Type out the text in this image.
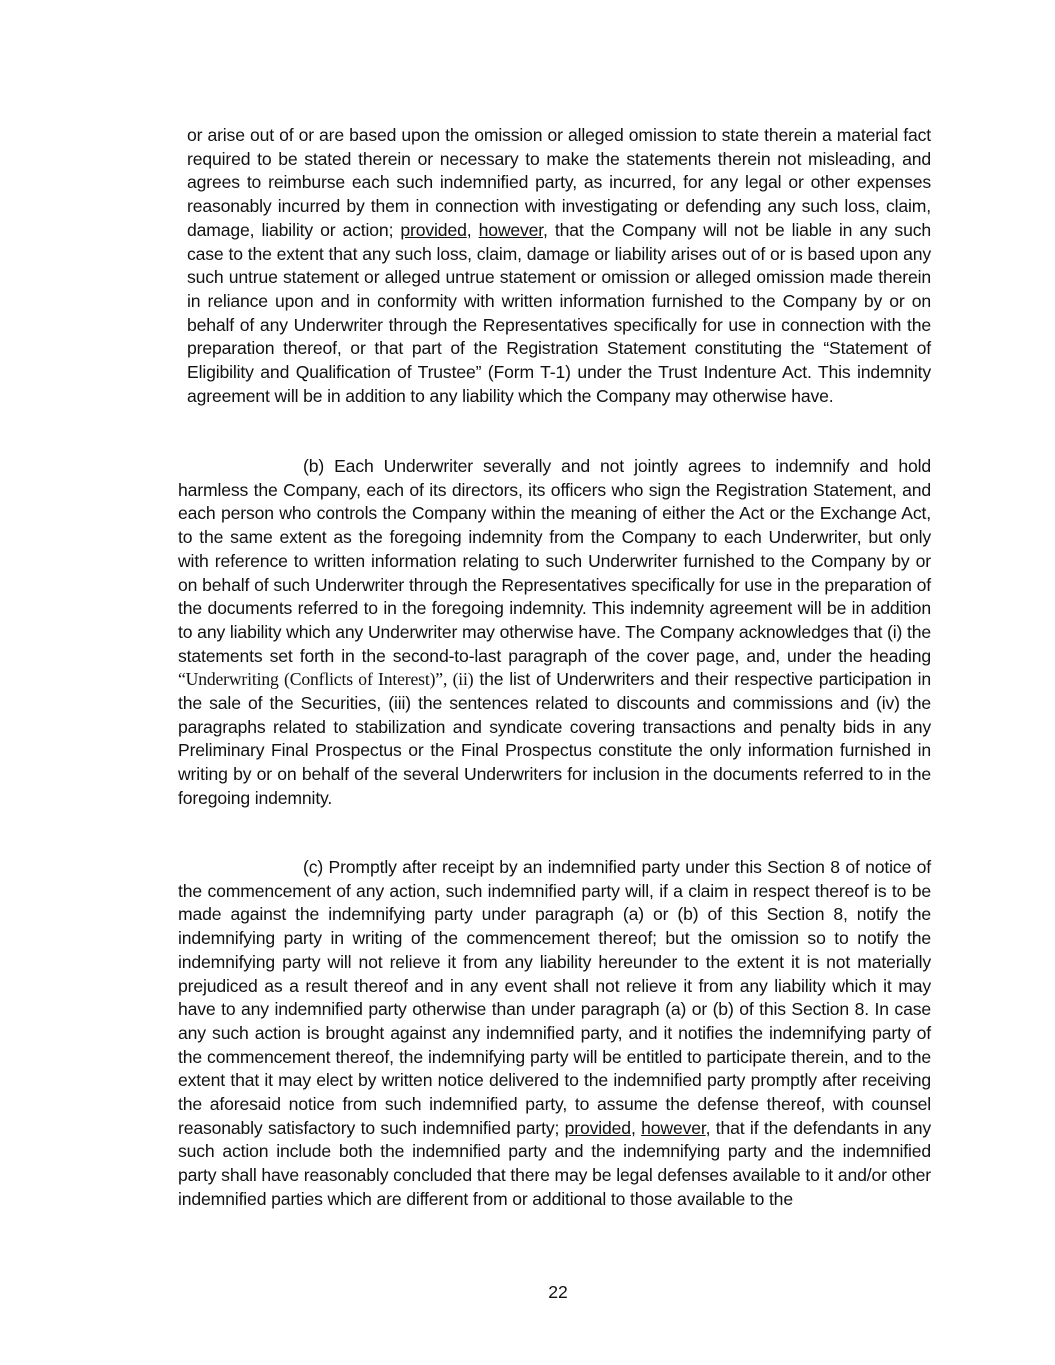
or arise out of or are based upon the omission or alleged omission to state therein a material fact required to be stated therein or necessary to make the statements therein not misleading, and agrees to reimburse each such indemnified party, as incurred, for any legal or other expenses reasonably incurred by them in connection with investigating or defending any such loss, claim, damage, liability or action; provided, however, that the Company will not be liable in any such case to the extent that any such loss, claim, damage or liability arises out of or is based upon any such untrue statement or alleged untrue statement or omission or alleged omission made therein in reliance upon and in conformity with written information furnished to the Company by or on behalf of any Underwriter through the Representatives specifically for use in connection with the preparation thereof, or that part of the Registration Statement constituting the “Statement of Eligibility and Qualification of Trustee” (Form T-1) under the Trust Indenture Act. This indemnity agreement will be in addition to any liability which the Company may otherwise have.

(b) Each Underwriter severally and not jointly agrees to indemnify and hold harmless the Company, each of its directors, its officers who sign the Registration Statement, and each person who controls the Company within the meaning of either the Act or the Exchange Act, to the same extent as the foregoing indemnity from the Company to each Underwriter, but only with reference to written information relating to such Underwriter furnished to the Company by or on behalf of such Underwriter through the Representatives specifically for use in the preparation of the documents referred to in the foregoing indemnity. This indemnity agreement will be in addition to any liability which any Underwriter may otherwise have. The Company acknowledges that (i) the statements set forth in the second-to-last paragraph of the cover page, and, under the heading “Underwriting (Conflicts of Interest)”, (ii) the list of Underwriters and their respective participation in the sale of the Securities, (iii) the sentences related to discounts and commissions and (iv) the paragraphs related to stabilization and syndicate covering transactions and penalty bids in any Preliminary Final Prospectus or the Final Prospectus constitute the only information furnished in writing by or on behalf of the several Underwriters for inclusion in the documents referred to in the foregoing indemnity.

(c) Promptly after receipt by an indemnified party under this Section 8 of notice of the commencement of any action, such indemnified party will, if a claim in respect thereof is to be made against the indemnifying party under paragraph (a) or (b) of this Section 8, notify the indemnifying party in writing of the commencement thereof; but the omission so to notify the indemnifying party will not relieve it from any liability hereunder to the extent it is not materially prejudiced as a result thereof and in any event shall not relieve it from any liability which it may have to any indemnified party otherwise than under paragraph (a) or (b) of this Section 8. In case any such action is brought against any indemnified party, and it notifies the indemnifying party of the commencement thereof, the indemnifying party will be entitled to participate therein, and to the extent that it may elect by written notice delivered to the indemnified party promptly after receiving the aforesaid notice from such indemnified party, to assume the defense thereof, with counsel reasonably satisfactory to such indemnified party; provided, however, that if the defendants in any such action include both the indemnified party and the indemnifying party and the indemnified party shall have reasonably concluded that there may be legal defenses available to it and/or other indemnified parties which are different from or additional to those available to the

22
